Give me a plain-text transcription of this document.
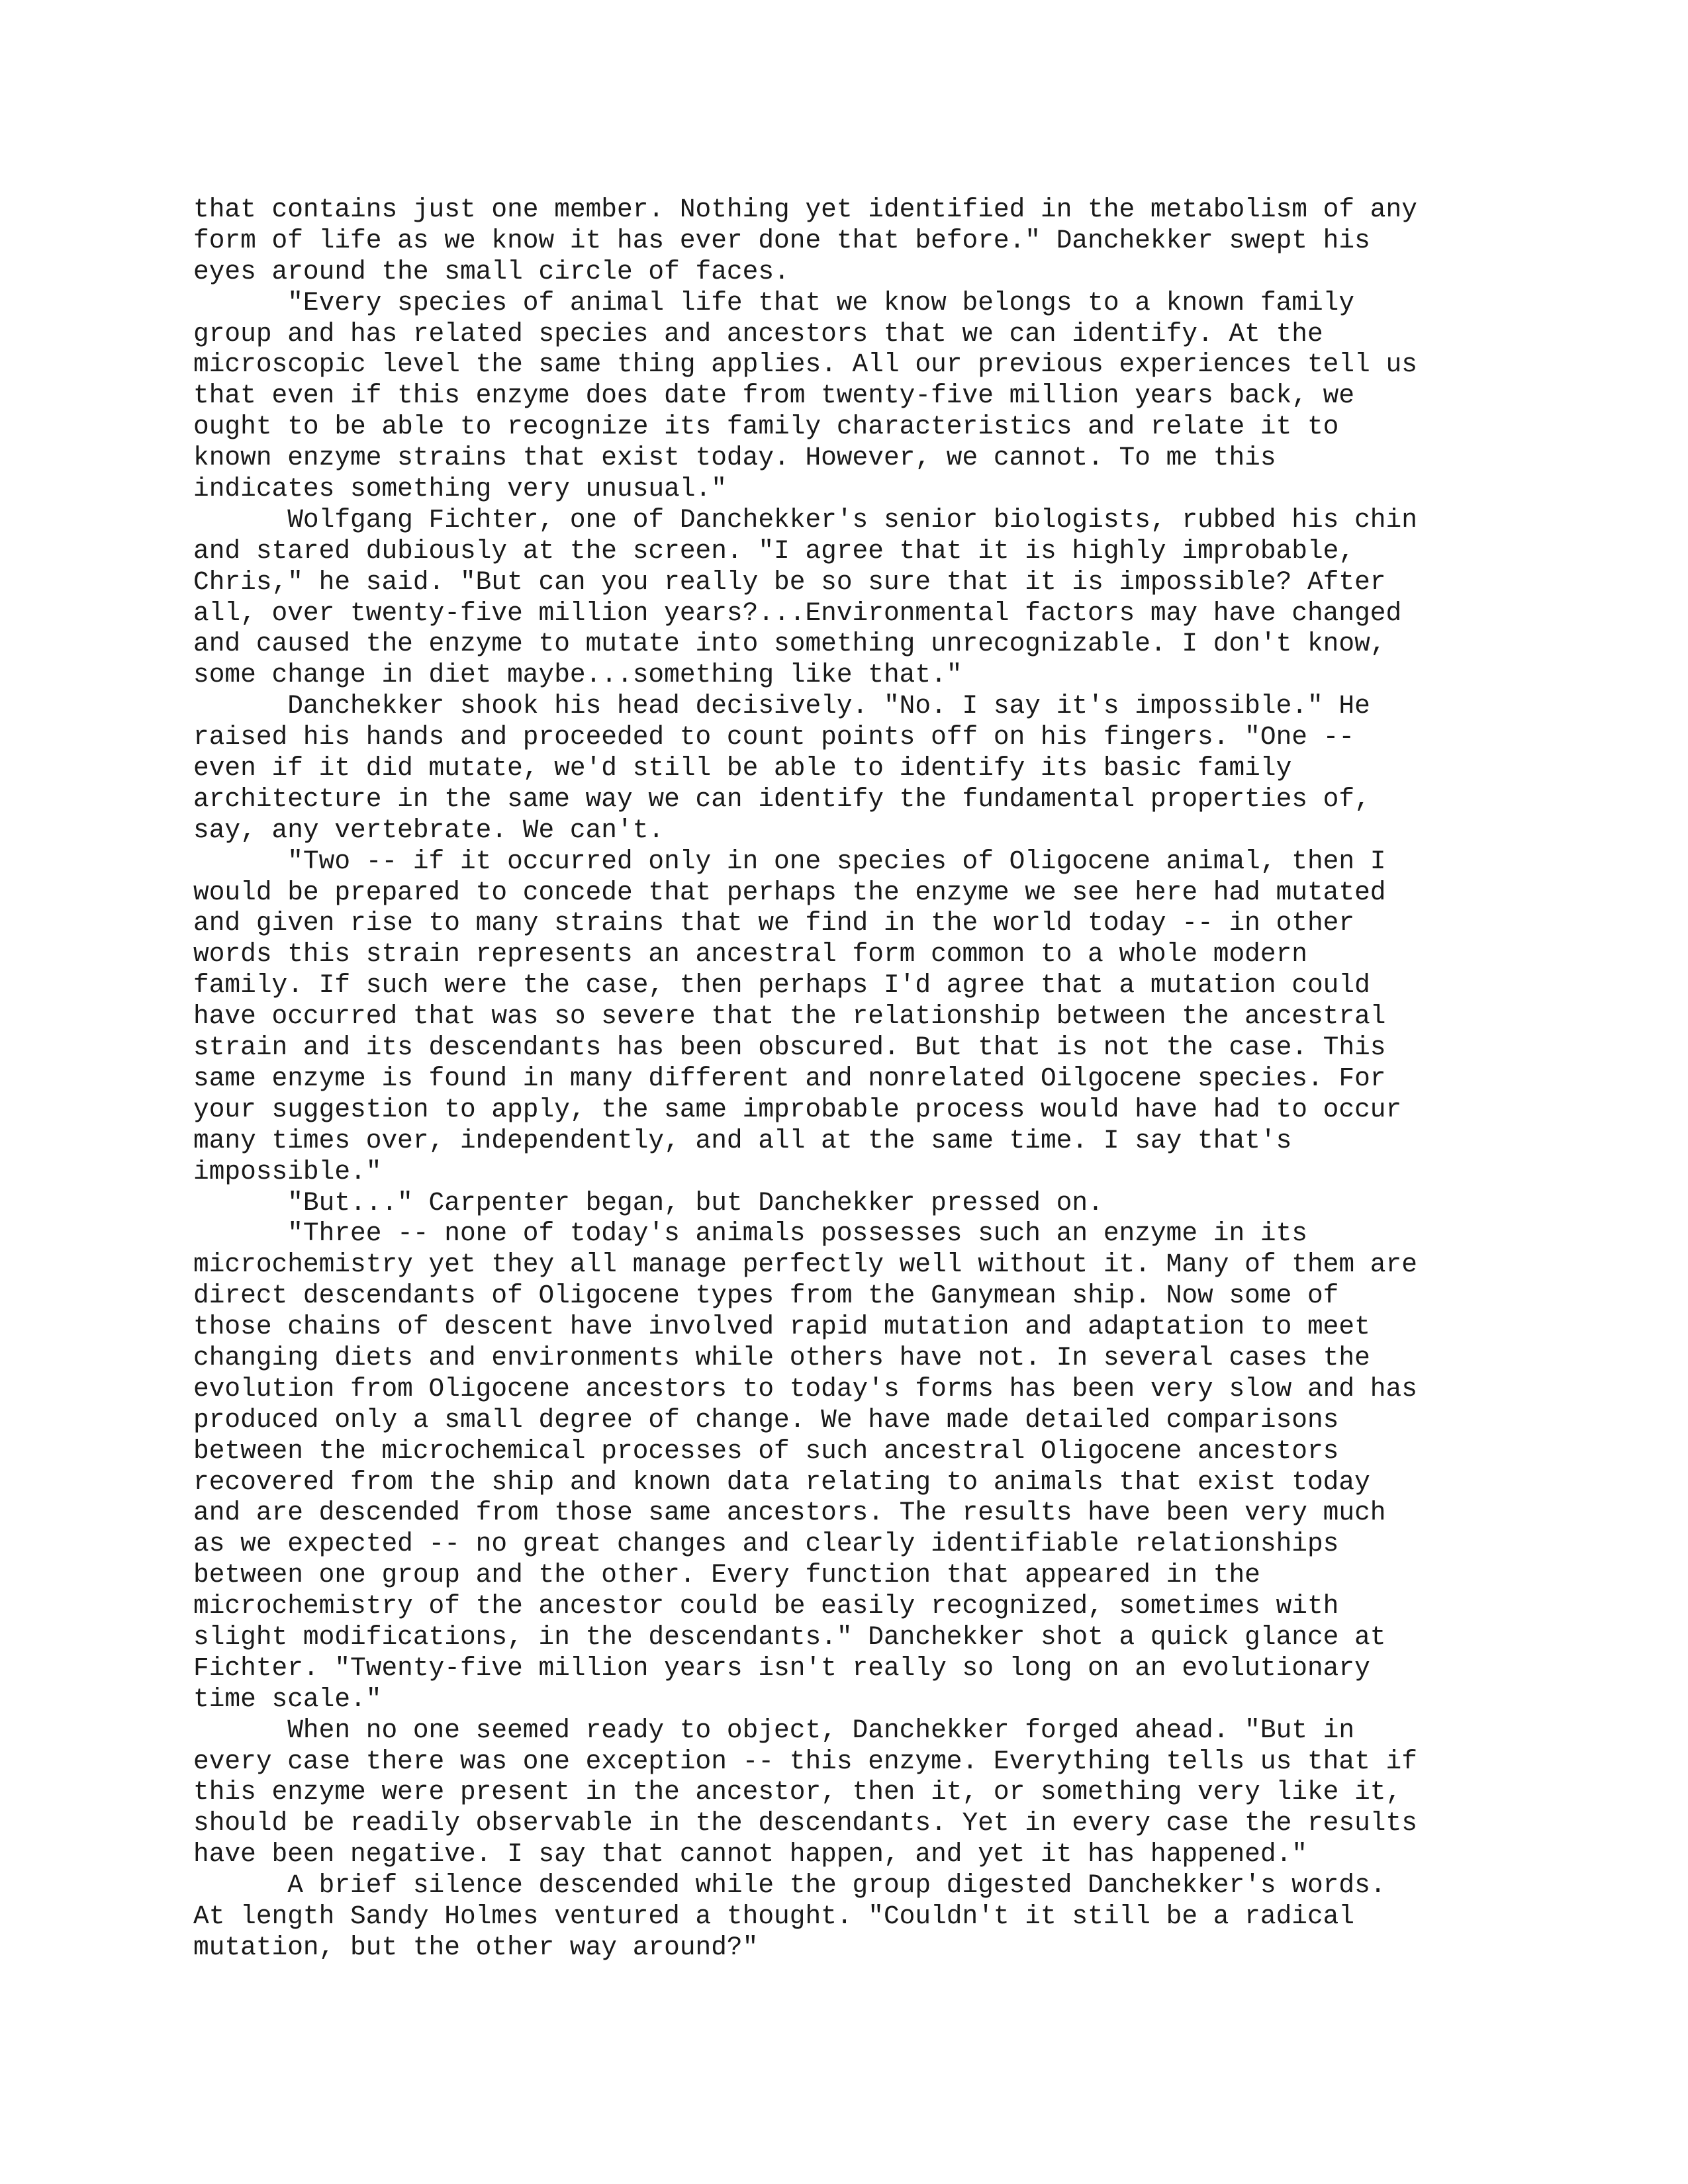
that contains just one member. Nothing yet identified in the metabolism of any
form of life as we know it has ever done that before." Danchekker swept his
eyes around the small circle of faces.
"Every species of animal life that we know belongs to a known family
group and has related species and ancestors that we can identify. At the
microscopic level the same thing applies. All our previous experiences tell us
that even if this enzyme does date from twenty-five million years back, we
ought to be able to recognize its family characteristics and relate it to
known enzyme strains that exist today. However, we cannot. To me this
indicates something very unusual."
Wolfgang Fichter, one of Danchekker's senior biologists, rubbed his chin
and stared dubiously at the screen. "I agree that it is highly improbable,
Chris," he said. "But can you really be so sure that it is impossible? After
all, over twenty-five million years?...Environmental factors may have changed
and caused the enzyme to mutate into something unrecognizable. I don't know,
some change in diet maybe...something like that."
Danchekker shook his head decisively. "No. I say it's impossible." He
raised his hands and proceeded to count points off on his fingers. "One --
even if it did mutate, we'd still be able to identify its basic family
architecture in the same way we can identify the fundamental properties of,
say, any vertebrate. We can't.
"Two -- if it occurred only in one species of Oligocene animal, then I
would be prepared to concede that perhaps the enzyme we see here had mutated
and given rise to many strains that we find in the world today -- in other
words this strain represents an ancestral form common to a whole modern
family. If such were the case, then perhaps I'd agree that a mutation could
have occurred that was so severe that the relationship between the ancestral
strain and its descendants has been obscured. But that is not the case. This
same enzyme is found in many different and nonrelated Oilgocene species. For
your suggestion to apply, the same improbable process would have had to occur
many times over, independently, and all at the same time. I say that's
impossible."
"But..." Carpenter began, but Danchekker pressed on.
"Three -- none of today's animals possesses such an enzyme in its
microchemistry yet they all manage perfectly well without it. Many of them are
direct descendants of Oligocene types from the Ganymean ship. Now some of
those chains of descent have involved rapid mutation and adaptation to meet
changing diets and environments while others have not. In several cases the
evolution from Oligocene ancestors to today's forms has been very slow and has
produced only a small degree of change. We have made detailed comparisons
between the microchemical processes of such ancestral Oligocene ancestors
recovered from the ship and known data relating to animals that exist today
and are descended from those same ancestors. The results have been very much
as we expected -- no great changes and clearly identifiable relationships
between one group and the other. Every function that appeared in the
microchemistry of the ancestor could be easily recognized, sometimes with
slight modifications, in the descendants." Danchekker shot a quick glance at
Fichter. "Twenty-five million years isn't really so long on an evolutionary
time scale."
When no one seemed ready to object, Danchekker forged ahead. "But in
every case there was one exception -- this enzyme. Everything tells us that if
this enzyme were present in the ancestor, then it, or something very like it,
should be readily observable in the descendants. Yet in every case the results
have been negative. I say that cannot happen, and yet it has happened."
A brief silence descended while the group digested Danchekker's words.
At length Sandy Holmes ventured a thought. "Couldn't it still be a radical
mutation, but the other way around?"
